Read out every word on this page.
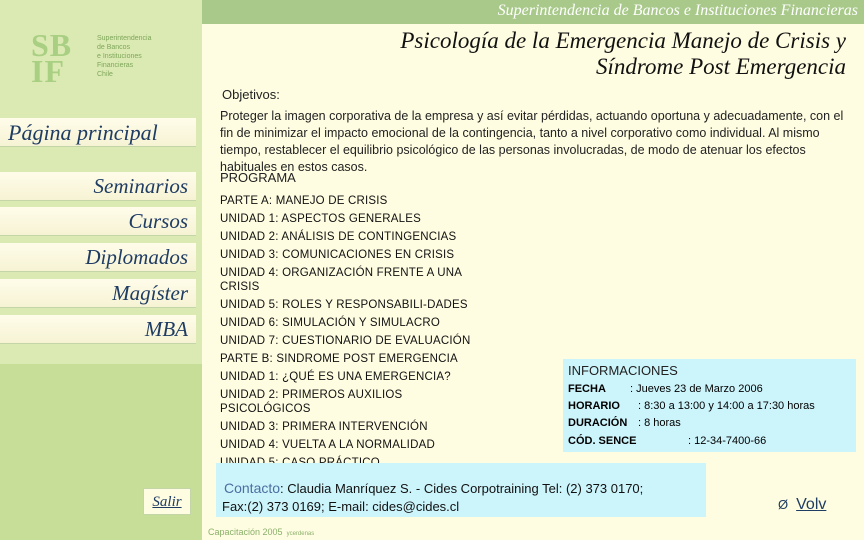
Superintendencia de Bancos e Instituciones Financieras
SB
IF
Superintendencia
de Bancos
e Instituciones
Financieras
Chile
Página principal
Seminarios
Cursos
Diplomados
Magíster
MBA
Salir
Psicología de la Emergencia Manejo de Crisis y
Síndrome Post Emergencia
Objetivos:
Proteger la imagen corporativa de la empresa y así evitar pérdidas, actuando oportuna y adecuadamente, con el fin de minimizar el impacto emocional de la contingencia, tanto a nivel corporativo como individual. Al mismo tiempo, restablecer el equilibrio psicológico de las personas involucradas, de modo de atenuar los efectos habituales en estos casos.
PROGRAMA
PARTE A: MANEJO DE CRISIS
UNIDAD 1: ASPECTOS GENERALES
UNIDAD 2: ANÁLISIS DE CONTINGENCIAS
UNIDAD 3: COMUNICACIONES EN CRISIS
UNIDAD 4: ORGANIZACIÓN FRENTE A UNA
CRISIS
UNIDAD 5: ROLES Y RESPONSABILI-DADES
UNIDAD 6: SIMULACIÓN Y SIMULACRO
UNIDAD 7: CUESTIONARIO DE EVALUACIÓN
PARTE B: SINDROME POST EMERGENCIA
UNIDAD 1: ¿QUÉ ES UNA EMERGENCIA?
UNIDAD 2: PRIMEROS AUXILIOS
PSICOLÓGICOS
UNIDAD 3: PRIMERA INTERVENCIÓN
UNIDAD 4: VUELTA A LA NORMALIDAD
INFORMACIONES
FECHA : Jueves 23 de Marzo 2006
HORARIO : 8:30 a 13:00 y 14:00 a 17:30 horas
DURACIÓN : 8 horas
CÓD. SENCE	: 12-34-7400-66
Contacto: Claudia Manríquez S. - Cides Corpotraining Tel: (2) 373 0170;
Fax:(2) 373 0169; E-mail: cides@cides.cl	Ø Volv
Capacitación 2005 ycerdenas
